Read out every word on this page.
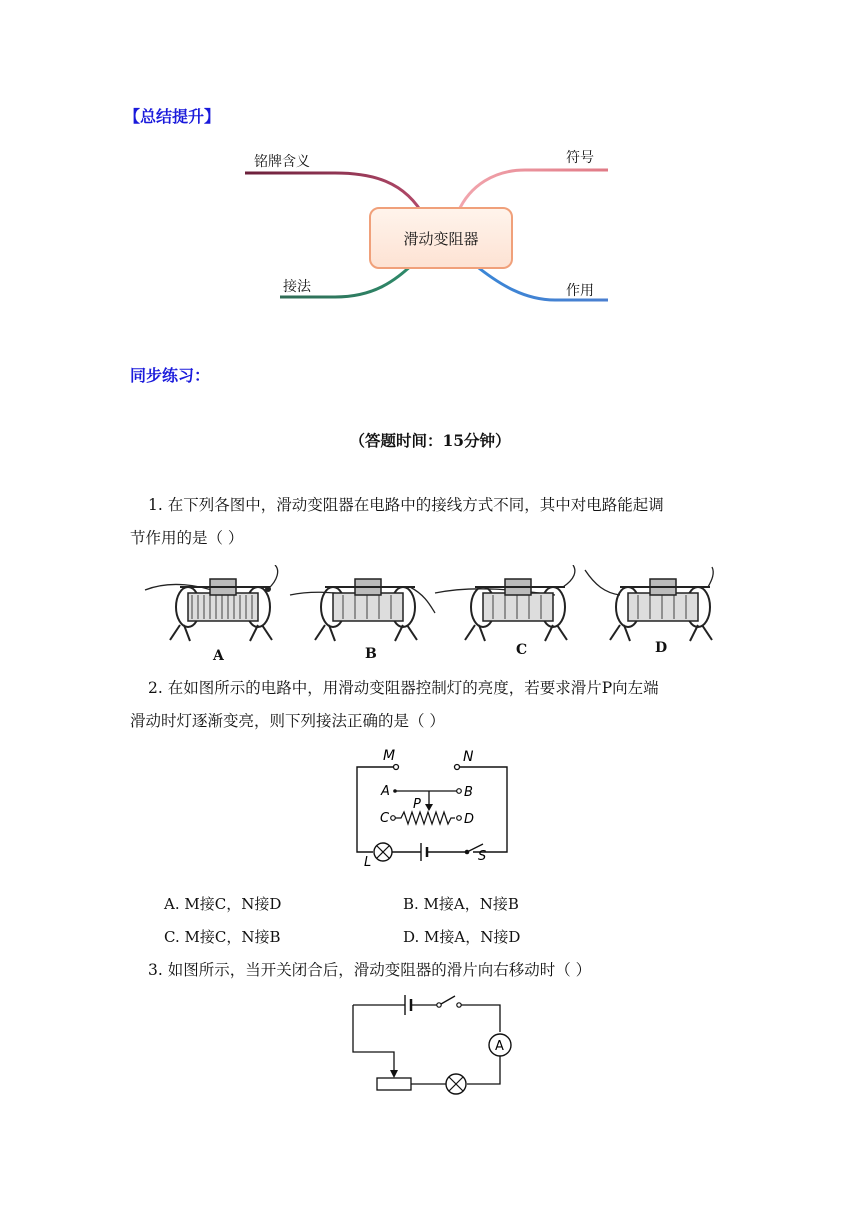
【总结提升】
滑动变阻器
铭牌含义	符号
接法	作用
同步练习：
（答题时间：15分钟）
1. 在下列各图中，滑动变阻器在电路中的接线方式不同，其中对电路能起调
节作用的是（ ）
A	B	C	D
2. 在如图所示的电路中，用滑动变阻器控制灯的亮度，若要求滑片P向左端
滑动时灯逐渐变亮，则下列接法正确的是（ ）
M	N
A	B
C	D
P
L	S
A. M接C，N接D	B. M接A，N接B
C. M接C，N接B	D. M接A，N接D
3. 如图所示，当开关闭合后，滑动变阻器的滑片向右移动时（ ）
A
